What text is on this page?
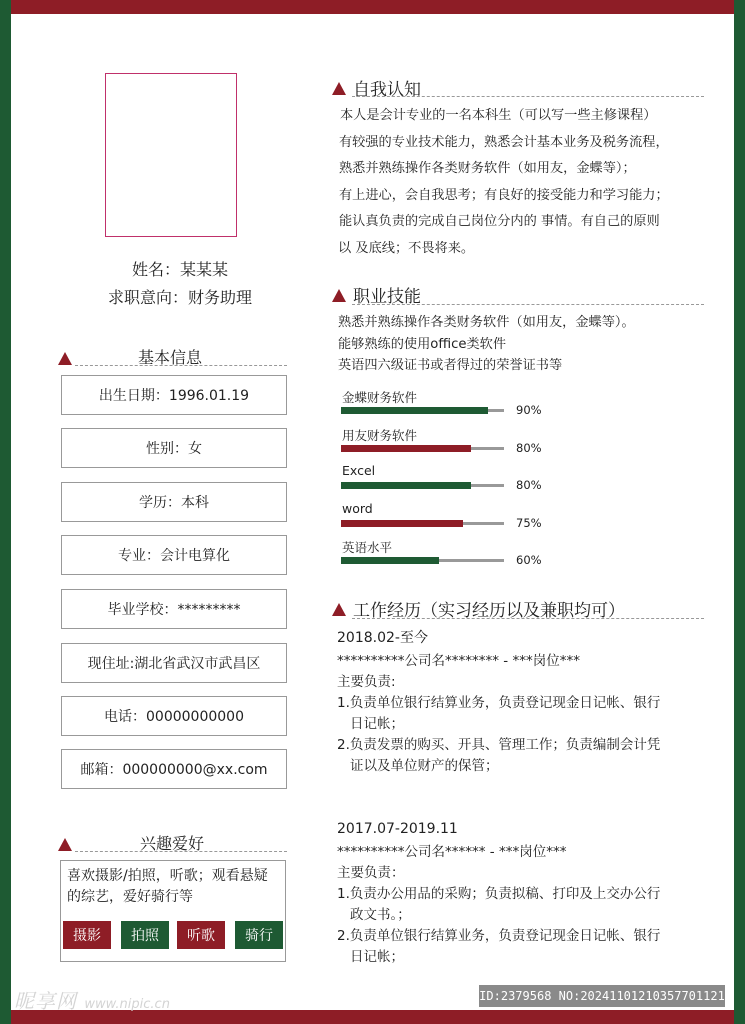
姓名：某某某
求职意向：财务助理
基本信息
出生日期：1996.01.19
性别：女
学历：本科
专业：会计电算化
毕业学校：*********
现住址:湖北省武汉市武昌区
电话：00000000000
邮箱：000000000@xx.com
兴趣爱好
喜欢摄影/拍照，听歌；观看悬疑的综艺，爱好骑行等
摄影	拍照	听歌	骑行
自我认知
本人是会计专业的一名本科生（可以写一些主修课程）
有较强的专业技术能力，熟悉会计基本业务及税务流程，
熟悉并熟练操作各类财务软件（如用友，金蝶等）；
有上进心，会自我思考；有良好的接受能力和学习能力；
能认真负责的完成自己岗位分内的 事情。有自己的原则
以 及底线；不畏将来。
职业技能
熟悉并熟练操作各类财务软件（如用友，金蝶等）。
能够熟练的使用office类软件
英语四六级证书或者得过的荣誉证书等
金蝶财务软件
90%
用友财务软件
80%
Excel
80%
word
75%
英语水平
60%
工作经历（实习经历以及兼职均可）
2018.02-至今
**********公司名******** - ***岗位***
主要负责:
1.负责单位银行结算业务，负责登记现金日记帐、银行
日记帐；
2.负责发票的购买、开具、管理工作；负责编制会计凭
证以及单位财产的保管；
2017.07-2019.11
**********公司名****** - ***岗位***
主要负责：
1.负责办公用品的采购；负责拟稿、打印及上交办公行
政文书。；
2.负责单位银行结算业务，负责登记现金日记帐、银行
日记帐；
昵享网 www.nipic.cn
ID:2379568 NO:20241101210357701121
